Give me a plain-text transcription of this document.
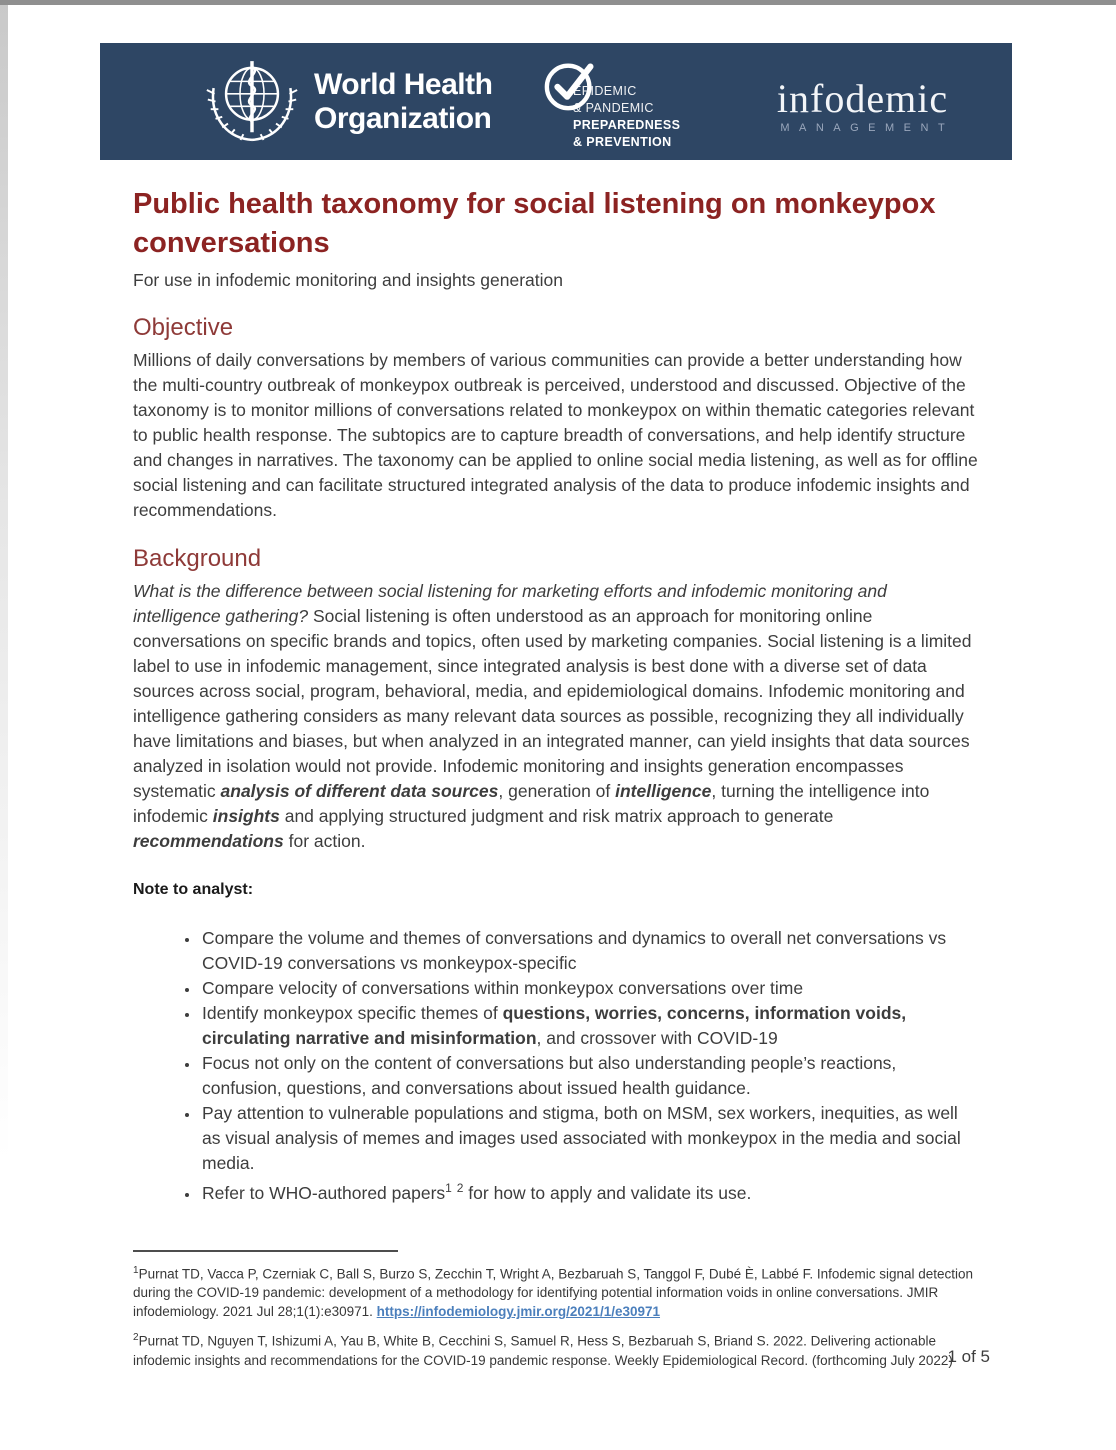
World Health
Organization
EPIDEMIC
& PANDEMIC
PREPAREDNESS
& PREVENTION
infodemic
MANAGEMENT
Public health taxonomy for social listening on monkeypox conversations

For use in infodemic monitoring and insights generation

Objective

Millions of daily conversations by members of various communities can provide a better understanding how the multi-country outbreak of monkeypox outbreak is perceived, understood and discussed. Objective of the taxonomy is to monitor millions of conversations related to monkeypox on within thematic categories relevant to public health response. The subtopics are to capture breadth of conversations, and help identify structure and changes in narratives. The taxonomy can be applied to online social media listening, as well as for offline social listening and can facilitate structured integrated analysis of the data to produce infodemic insights and recommendations.

Background

What is the difference between social listening for marketing efforts and infodemic monitoring and intelligence gathering? Social listening is often understood as an approach for monitoring online conversations on specific brands and topics, often used by marketing companies. Social listening is a limited label to use in infodemic management, since integrated analysis is best done with a diverse set of data sources across social, program, behavioral, media, and epidemiological domains. Infodemic monitoring and intelligence gathering considers as many relevant data sources as possible, recognizing they all individually have limitations and biases, but when analyzed in an integrated manner, can yield insights that data sources analyzed in isolation would not provide. Infodemic monitoring and insights generation encompasses systematic analysis of different data sources, generation of intelligence, turning the intelligence into infodemic insights and applying structured judgment and risk matrix approach to generate recommendations for action.

Note to analyst:

• Compare the volume and themes of conversations and dynamics to overall net conversations vs COVID-19 conversations vs monkeypox-specific
• Compare velocity of conversations within monkeypox conversations over time
• Identify monkeypox specific themes of questions, worries, concerns, information voids, circulating narrative and misinformation, and crossover with COVID-19
• Focus not only on the content of conversations but also understanding people’s reactions, confusion, questions, and conversations about issued health guidance.
• Pay attention to vulnerable populations and stigma, both on MSM, sex workers, inequities, as well as visual analysis of memes and images used associated with monkeypox in the media and social media.
• Refer to WHO-authored papers$^1$ $^2$ for how to apply and validate its use.

$^1$Purnat TD, Vacca P, Czerniak C, Ball S, Burzo S, Zecchin T, Wright A, Bezbaruah S, Tanggol F, Dubé È, Labbé F. Infodemic signal detection during the COVID-19 pandemic: development of a methodology for identifying potential information voids in online conversations. JMIR infodemiology. 2021 Jul 28;1(1):e30971. https://infodemiology.jmir.org/2021/1/e30971

$^2$Purnat TD, Nguyen T, Ishizumi A, Yau B, White B, Cecchini S, Samuel R, Hess S, Bezbaruah S, Briand S. 2022. Delivering actionable infodemic insights and recommendations for the COVID-19 pandemic response. Weekly Epidemiological Record. (forthcoming July 2022)

1 of 5
